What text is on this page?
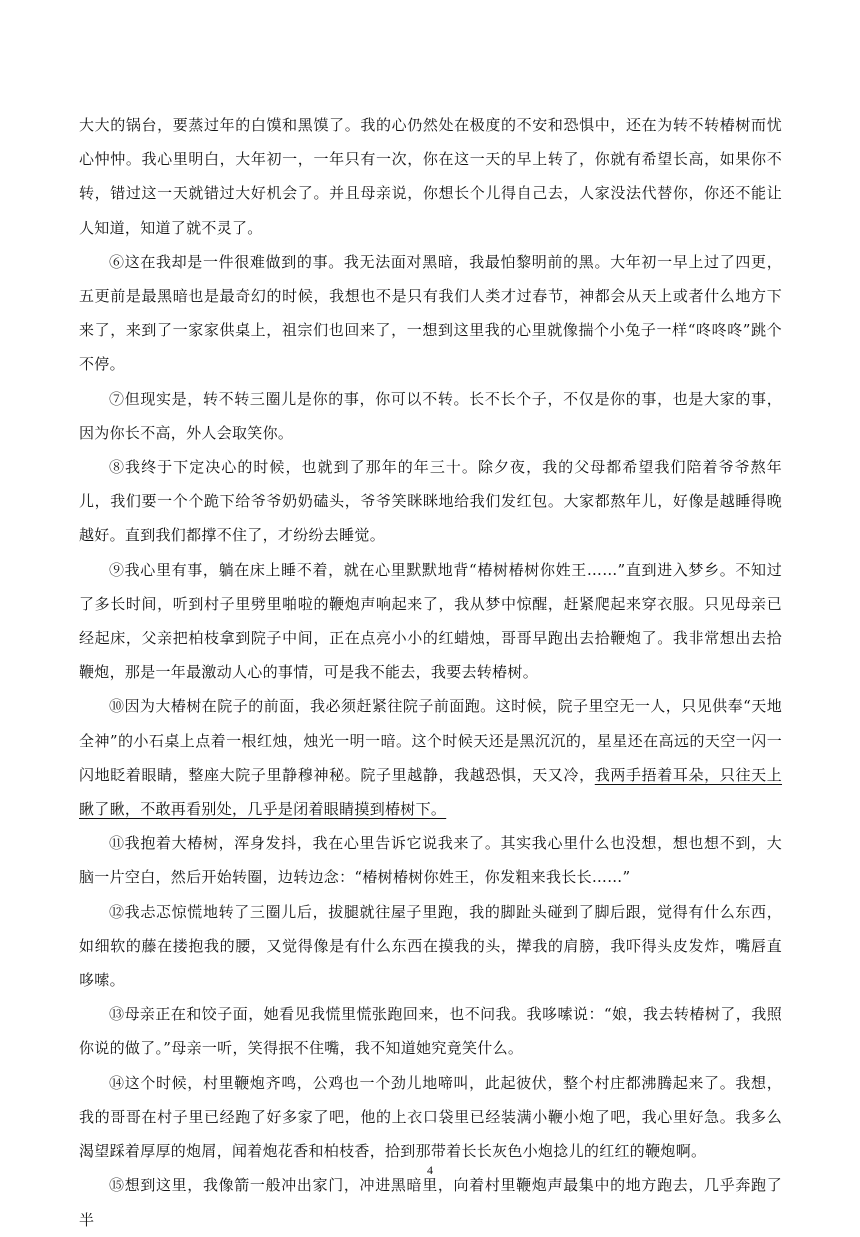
大大的锅台，要蒸过年的白馍和黑馍了。我的心仍然处在极度的不安和恐惧中，还在为转不转椿树而忧心忡忡。我心里明白，大年初一，一年只有一次，你在这一天的早上转了，你就有希望长高，如果你不转，错过这一天就错过大好机会了。并且母亲说，你想长个儿得自己去，人家没法代替你，你还不能让人知道，知道了就不灵了。

⑥这在我却是一件很难做到的事。我无法面对黑暗，我最怕黎明前的黑。大年初一早上过了四更，五更前是最黑暗也是最奇幻的时候，我想也不是只有我们人类才过春节，神都会从天上或者什么地方下来了，来到了一家家供桌上，祖宗们也回来了，一想到这里我的心里就像揣个小兔子一样“咚咚咚”跳个不停。

⑦但现实是，转不转三圈儿是你的事，你可以不转。长不长个子，不仅是你的事，也是大家的事，因为你长不高，外人会取笑你。

⑧我终于下定决心的时候，也就到了那年的年三十。除夕夜，我的父母都希望我们陪着爷爷熬年儿，我们要一个个跪下给爷爷奶奶磕头，爷爷笑眯眯地给我们发红包。大家都熬年儿，好像是越睡得晚越好。直到我们都撑不住了，才纷纷去睡觉。

⑨我心里有事，躺在床上睡不着，就在心里默默地背“椿树椿树你姓王……”直到进入梦乡。不知过了多长时间，听到村子里劈里啪啦的鞭炮声响起来了，我从梦中惊醒，赶紧爬起来穿衣服。只见母亲已经起床，父亲把柏枝拿到院子中间，正在点亮小小的红蜡烛，哥哥早跑出去拾鞭炮了。我非常想出去拾鞭炮，那是一年最激动人心的事情，可是我不能去，我要去转椿树。

⑩因为大椿树在院子的前面，我必须赶紧往院子前面跑。这时候，院子里空无一人，只见供奉“天地全神”的小石桌上点着一根红烛，烛光一明一暗。这个时候天还是黑沉沉的，星星还在高远的天空一闪一闪地眨着眼睛，整座大院子里静穆神秘。院子里越静，我越恐惧，天又冷，我两手捂着耳朵，只往天上瞅了瞅，不敢再看别处，几乎是闭着眼睛摸到椿树下。

⑪我抱着大椿树，浑身发抖，我在心里告诉它说我来了。其实我心里什么也没想，想也想不到，大脑一片空白，然后开始转圈，边转边念：“椿树椿树你姓王，你发粗来我长长……”

⑫我忐忑惊慌地转了三圈儿后，拔腿就往屋子里跑，我的脚趾头碰到了脚后跟，觉得有什么东西，如细软的藤在搂抱我的腰，又觉得像是有什么东西在摸我的头，撵我的肩膀，我吓得头皮发炸，嘴唇直哆嗦。

⑬母亲正在和饺子面，她看见我慌里慌张跑回来，也不问我。我哆嗦说：“娘，我去转椿树了，我照你说的做了。”母亲一听，笑得抿不住嘴，我不知道她究竟笑什么。

⑭这个时候，村里鞭炮齐鸣，公鸡也一个劲儿地啼叫，此起彼伏，整个村庄都沸腾起来了。我想，我的哥哥在村子里已经跑了好多家了吧，他的上衣口袋里已经装满小鞭小炮了吧，我心里好急。我多么渴望踩着厚厚的炮屑，闻着炮花香和柏枝香，拾到那带着长长灰色小炮捻儿的红红的鞭炮啊。

⑮想到这里，我像箭一般冲出家门，冲进黑暗里，向着村里鞭炮声最集中的地方跑去，几乎奔跑了半

4
